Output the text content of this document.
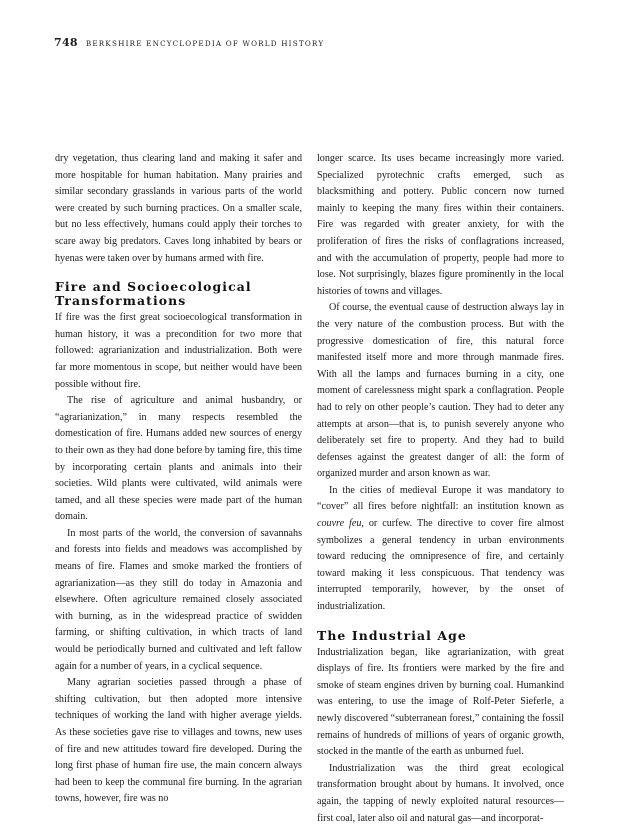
748 BERKSHIRE ENCYCLOPEDIA OF WORLD HISTORY

dry vegetation, thus clearing land and making it safer and more hospitable for human habitation. Many prairies and similar secondary grasslands in various parts of the world were created by such burning practices. On a smaller scale, but no less effectively, humans could apply their torches to scare away big predators. Caves long inhabited by bears or hyenas were taken over by humans armed with fire.

Fire and Socioecological Transformations

If fire was the first great socioecological transformation in human history, it was a precondition for two more that followed: agrarianization and industrialization. Both were far more momentous in scope, but neither would have been possible without fire.

The rise of agriculture and animal husbandry, or “agrarianization,” in many respects resembled the domestication of fire. Humans added new sources of energy to their own as they had done before by taming fire, this time by incorporating certain plants and animals into their societies. Wild plants were cultivated, wild animals were tamed, and all these species were made part of the human domain.

In most parts of the world, the conversion of savannahs and forests into fields and meadows was accomplished by means of fire. Flames and smoke marked the frontiers of agrarianization—as they still do today in Amazonia and elsewhere. Often agriculture remained closely associated with burning, as in the widespread practice of swidden farming, or shifting cultivation, in which tracts of land would be periodically burned and cultivated and left fallow again for a number of years, in a cyclical sequence.

Many agrarian societies passed through a phase of shifting cultivation, but then adopted more intensive techniques of working the land with higher average yields. As these societies gave rise to villages and towns, new uses of fire and new attitudes toward fire developed. During the long first phase of human fire use, the main concern always had been to keep the communal fire burning. In the agrarian towns, however, fire was no

longer scarce. Its uses became increasingly more varied. Specialized pyrotechnic crafts emerged, such as blacksmithing and pottery. Public concern now turned mainly to keeping the many fires within their containers. Fire was regarded with greater anxiety, for with the proliferation of fires the risks of conflagrations increased, and with the accumulation of property, people had more to lose. Not surprisingly, blazes figure prominently in the local histories of towns and villages.

Of course, the eventual cause of destruction always lay in the very nature of the combustion process. But with the progressive domestication of fire, this natural force manifested itself more and more through manmade fires. With all the lamps and furnaces burning in a city, one moment of carelessness might spark a conflagration. People had to rely on other people’s caution. They had to deter any attempts at arson—that is, to punish severely anyone who deliberately set fire to property. And they had to build defenses against the greatest danger of all: the form of organized murder and arson known as war.

In the cities of medieval Europe it was mandatory to “cover” all fires before nightfall: an institution known as couvre feu, or curfew. The directive to cover fire almost symbolizes a general tendency in urban environments toward reducing the omnipresence of fire, and certainly toward making it less conspicuous. That tendency was interrupted temporarily, however, by the onset of industrialization.

The Industrial Age

Industrialization began, like agrarianization, with great displays of fire. Its frontiers were marked by the fire and smoke of steam engines driven by burning coal. Humankind was entering, to use the image of Rolf-Peter Sieferle, a newly discovered “subterranean forest,” containing the fossil remains of hundreds of millions of years of organic growth, stocked in the mantle of the earth as unburned fuel.

Industrialization was the third great ecological transformation brought about by humans. It involved, once again, the tapping of newly exploited natural resources—first coal, later also oil and natural gas—and incorporat-
